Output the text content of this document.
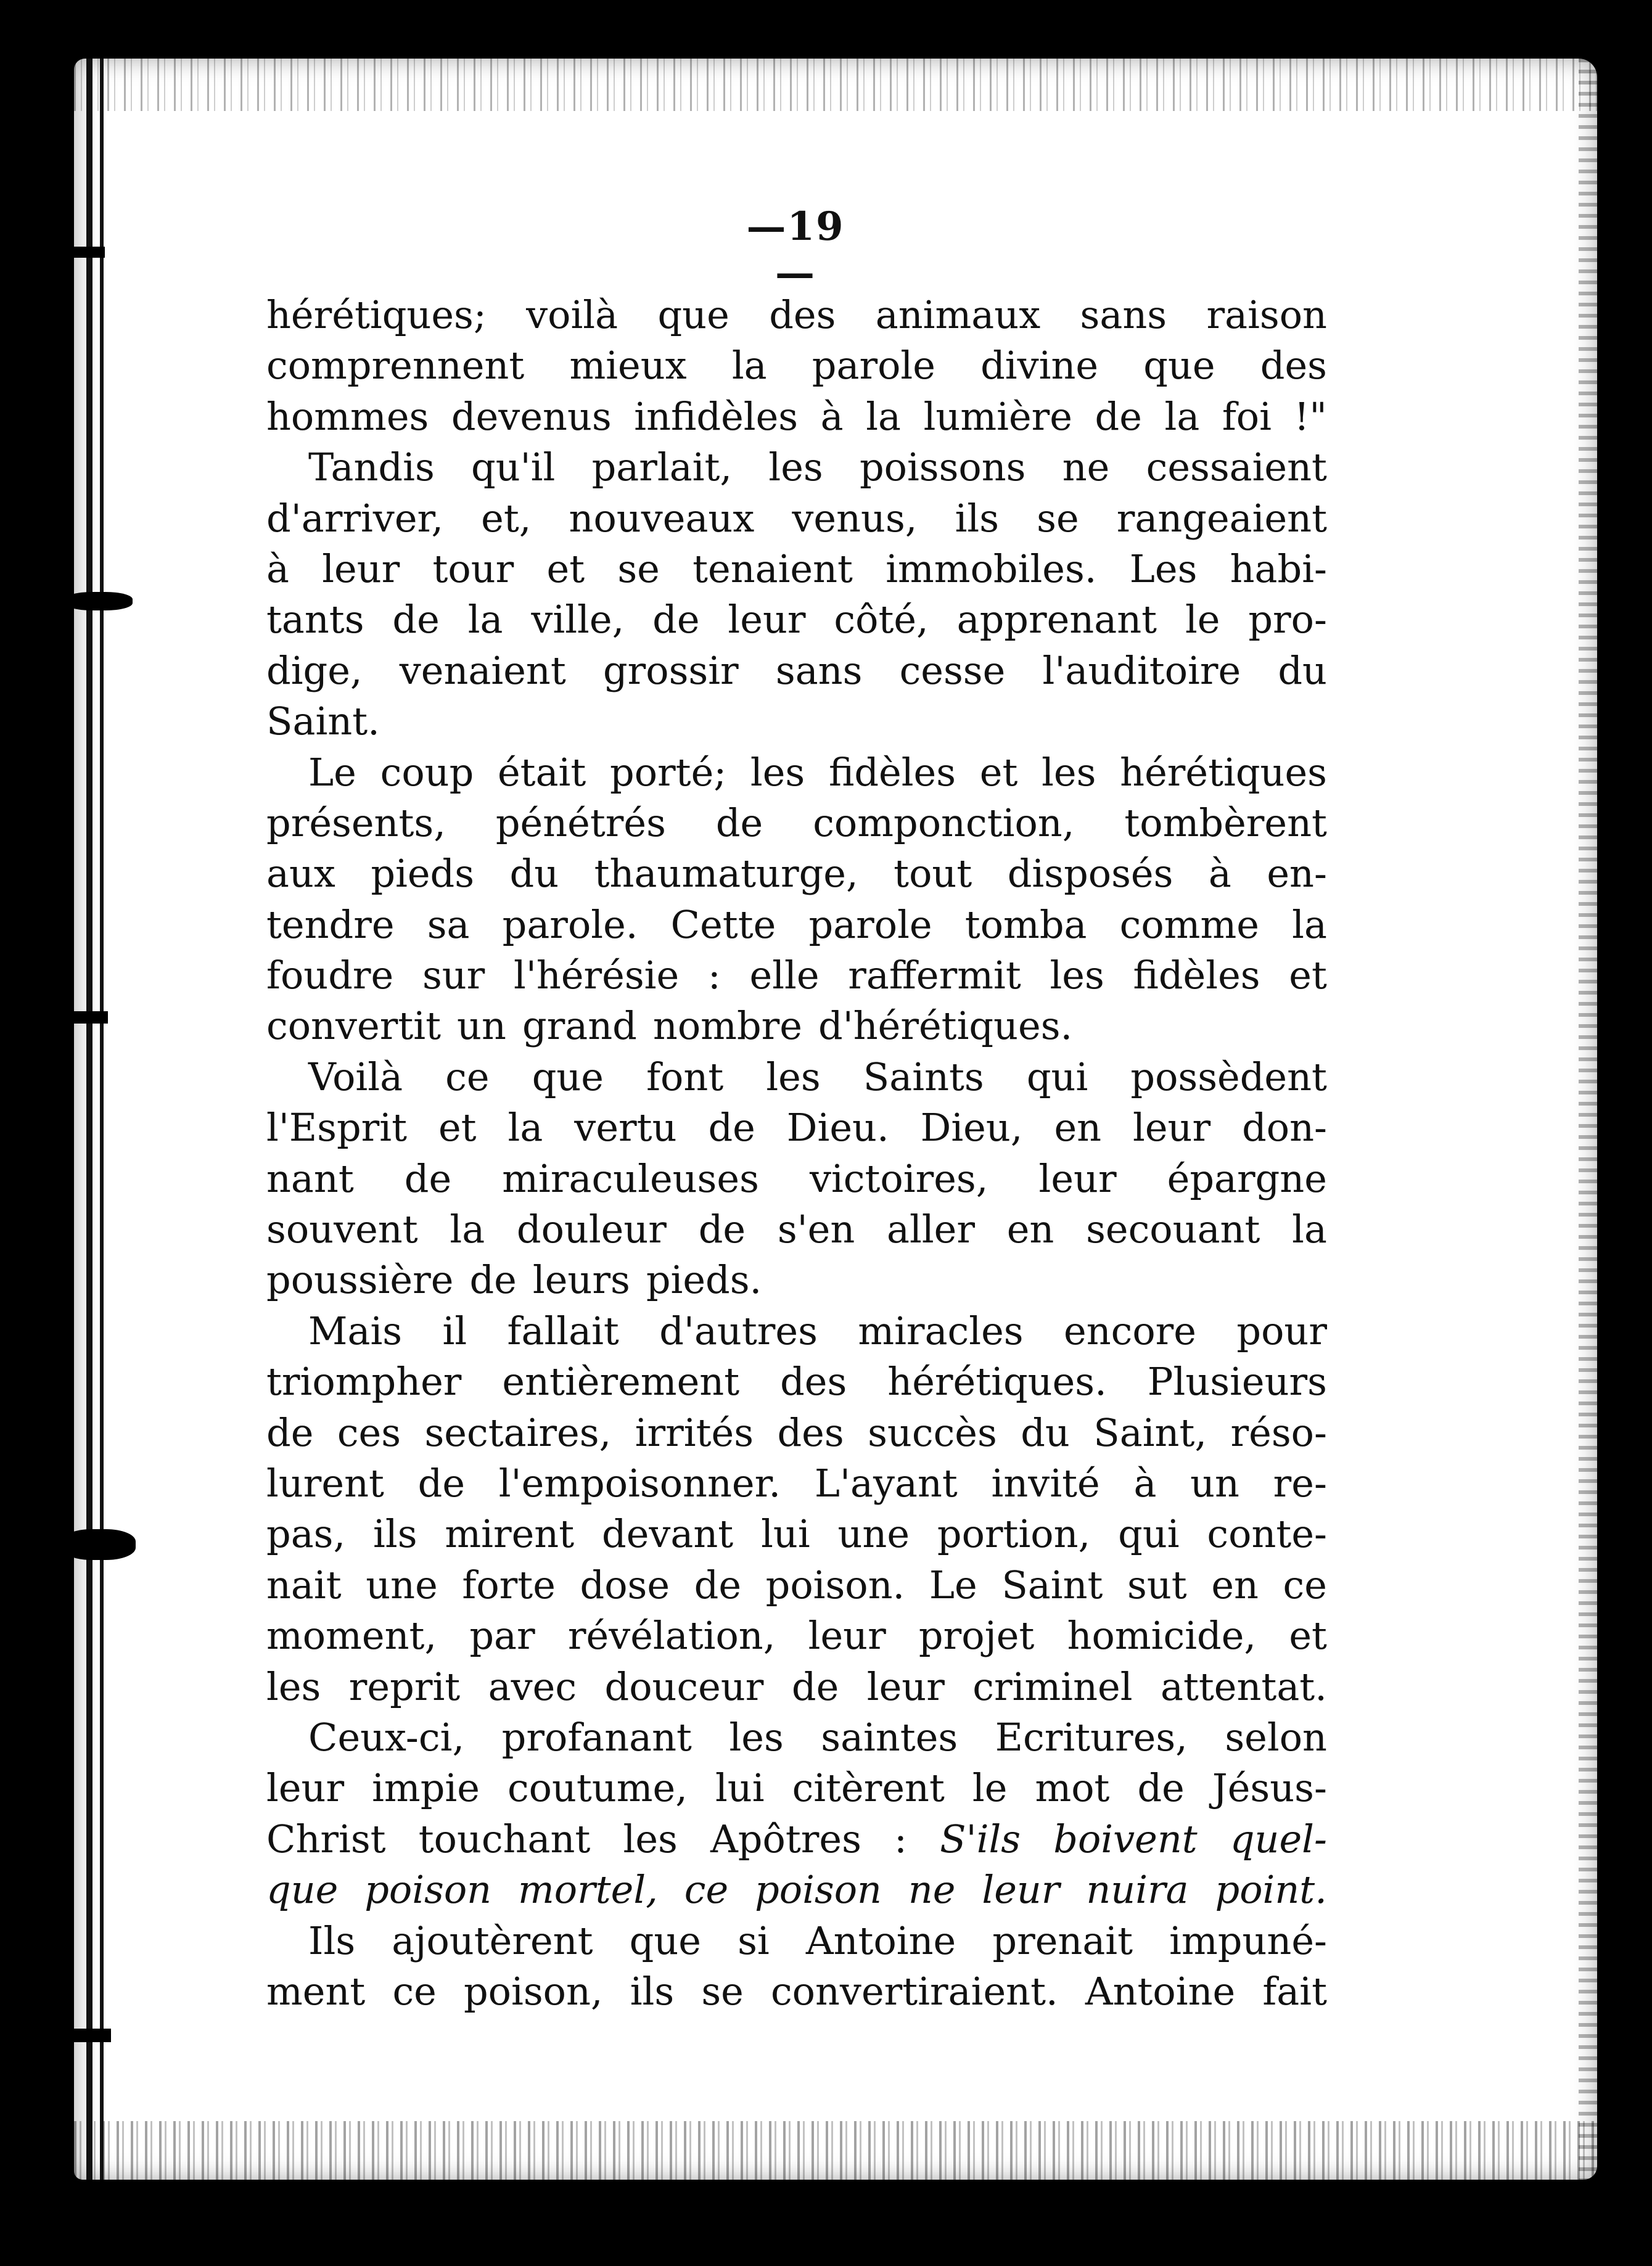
—19—
hérétiques; voilà que des animaux sans raison
comprennent mieux la parole divine que des
hommes devenus infidèles à la lumière de la foi !"
Tandis qu'il parlait, les poissons ne cessaient
d'arriver, et, nouveaux venus, ils se rangeaient
à leur tour et se tenaient immobiles. Les habi-
tants de la ville, de leur côté, apprenant le pro-
dige, venaient grossir sans cesse l'auditoire du
Saint.
Le coup était porté; les fidèles et les hérétiques
présents, pénétrés de componction, tombèrent
aux pieds du thaumaturge, tout disposés à en-
tendre sa parole. Cette parole tomba comme la
foudre sur l'hérésie : elle raffermit les fidèles et
convertit un grand nombre d'hérétiques.
Voilà ce que font les Saints qui possèdent
l'Esprit et la vertu de Dieu. Dieu, en leur don-
nant de miraculeuses victoires, leur épargne
souvent la douleur de s'en aller en secouant la
poussière de leurs pieds.
Mais il fallait d'autres miracles encore pour
triompher entièrement des hérétiques. Plusieurs
de ces sectaires, irrités des succès du Saint, réso-
lurent de l'empoisonner. L'ayant invité à un re-
pas, ils mirent devant lui une portion, qui conte-
nait une forte dose de poison. Le Saint sut en ce
moment, par révélation, leur projet homicide, et
les reprit avec douceur de leur criminel attentat.
Ceux-ci, profanant les saintes Ecritures, selon
leur impie coutume, lui citèrent le mot de Jésus-
Christ touchant les Apôtres : S'ils boivent quel-
que poison mortel, ce poison ne leur nuira point.
Ils ajoutèrent que si Antoine prenait impuné-
ment ce poison, ils se convertiraient. Antoine fait
